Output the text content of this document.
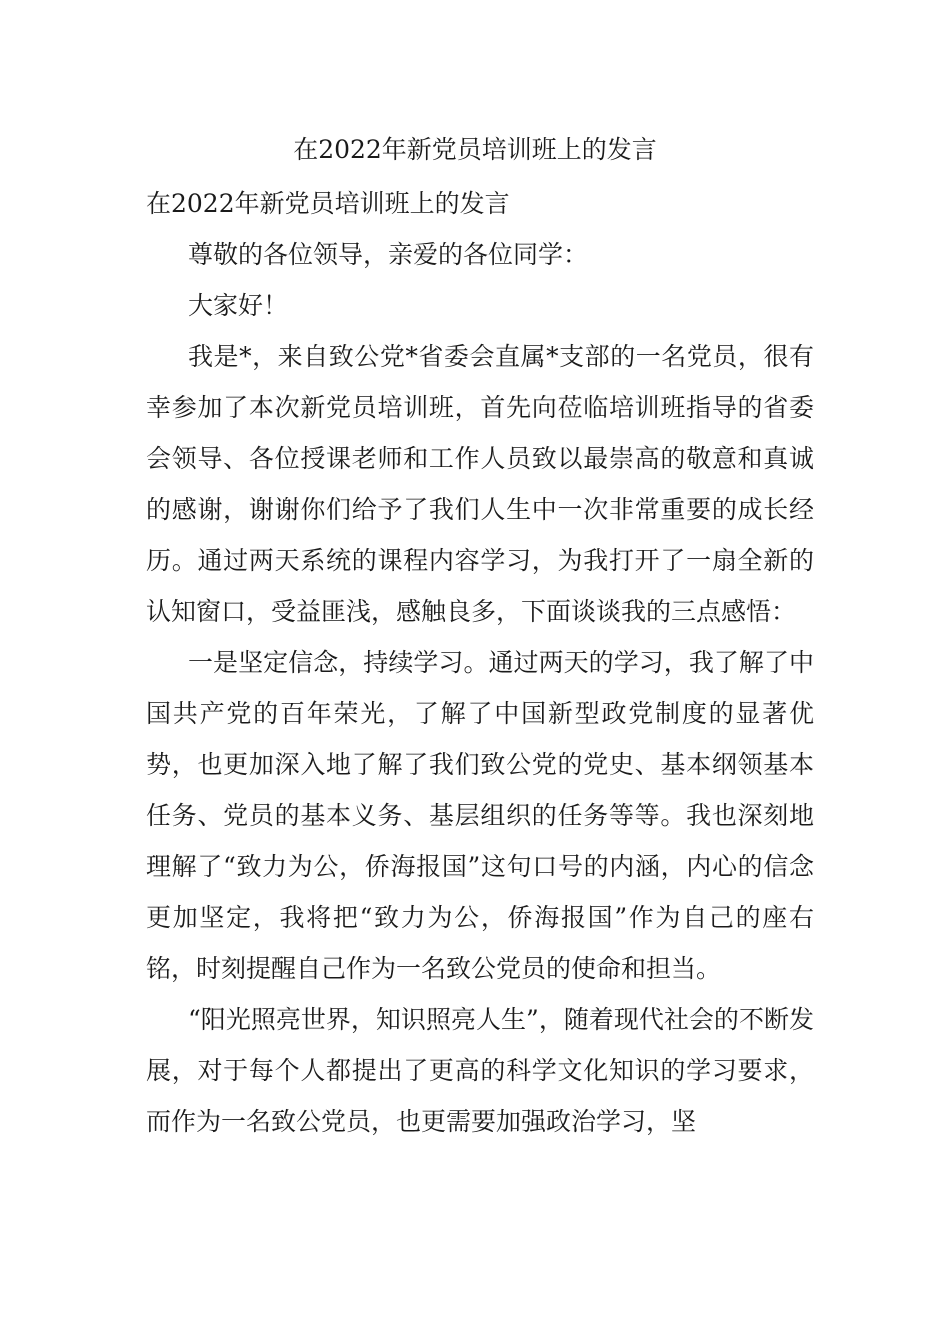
在2022年新党员培训班上的发言

在2022年新党员培训班上的发言

尊敬的各位领导，亲爱的各位同学：

大家好！

我是*，来自致公党*省委会直属*支部的一名党员，很有幸参加了本次新党员培训班，首先向莅临培训班指导的省委会领导、各位授课老师和工作人员致以最崇高的敬意和真诚的感谢，谢谢你们给予了我们人生中一次非常重要的成长经历。通过两天系统的课程内容学习，为我打开了一扇全新的认知窗口，受益匪浅，感触良多，下面谈谈我的三点感悟：

一是坚定信念，持续学习。通过两天的学习，我了解了中国共产党的百年荣光，了解了中国新型政党制度的显著优势，也更加深入地了解了我们致公党的党史、基本纲领基本任务、党员的基本义务、基层组织的任务等等。我也深刻地理解了“致力为公，侨海报国”这句口号的内涵，内心的信念更加坚定，我将把“致力为公，侨海报国”作为自己的座右铭，时刻提醒自己作为一名致公党员的使命和担当。

“阳光照亮世界，知识照亮人生”，随着现代社会的不断发展，对于每个人都提出了更高的科学文化知识的学习要求，而作为一名致公党员，也更需要加强政治学习，坚
